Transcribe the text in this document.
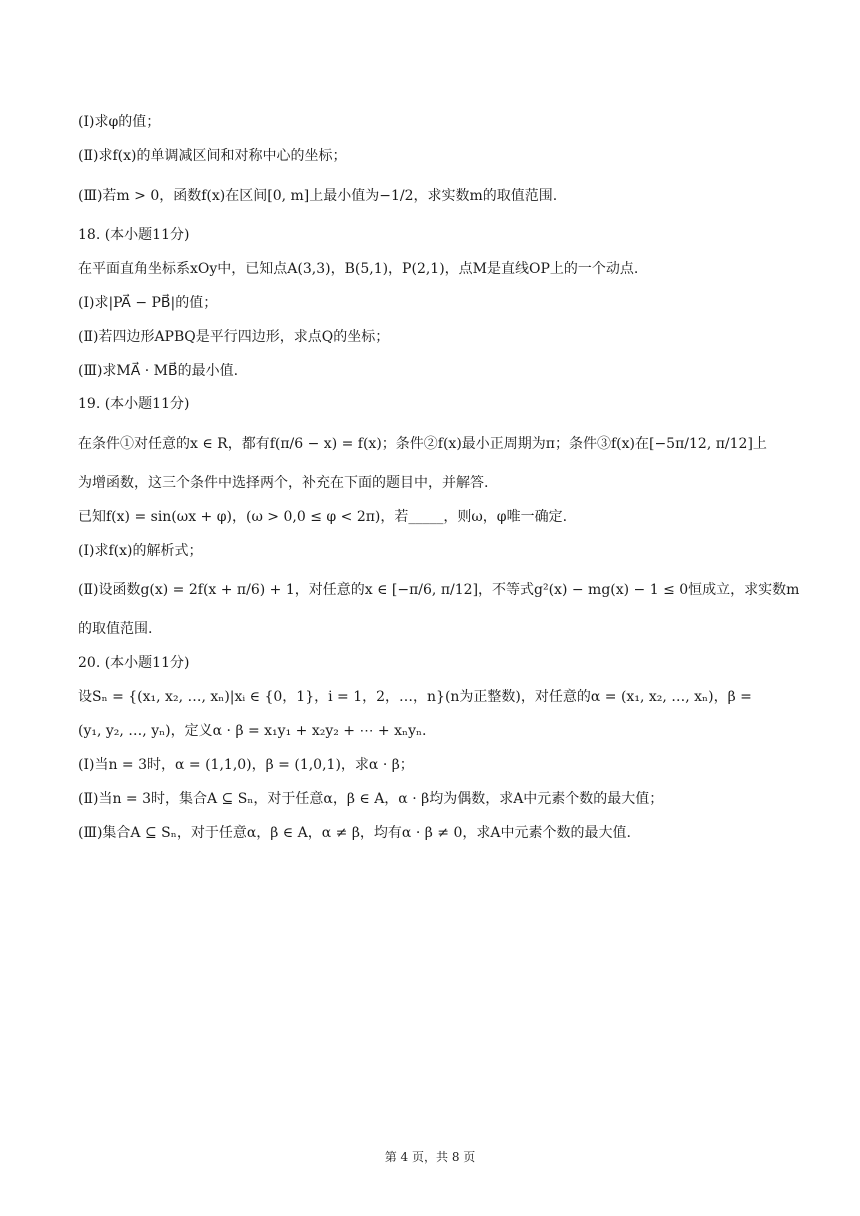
(Ⅰ)求φ的值；
(Ⅱ)求f(x)的单调减区间和对称中心的坐标；
(Ⅲ)若m > 0，函数f(x)在区间[0, m]上最小值为−1/2，求实数m的取值范围.
18. (本小题11分)
在平面直角坐标系xOy中，已知点A(3,3)，B(5,1)，P(2,1)，点M是直线OP上的一个动点.
(Ⅰ)求|PA⃗ − PB⃗|的值；
(Ⅱ)若四边形APBQ是平行四边形，求点Q的坐标；
(Ⅲ)求MA⃗ · MB⃗的最小值.
19. (本小题11分)
在条件①对任意的x ∈ R，都有f(π/6 − x) = f(x)；条件②f(x)最小正周期为π；条件③f(x)在[−5π/12, π/12]上
为增函数，这三个条件中选择两个，补充在下面的题目中，并解答.
已知f(x) = sin(ωx + φ)，(ω > 0,0 ≤ φ < 2π)，若_____，则ω，φ唯一确定.
(Ⅰ)求f(x)的解析式；
(Ⅱ)设函数g(x) = 2f(x + π/6) + 1，对任意的x ∈ [−π/6, π/12]，不等式g²(x) − mg(x) − 1 ≤ 0恒成立，求实数m
的取值范围.
20. (本小题11分)
设Sₙ = {(x₁, x₂, …, xₙ)|xᵢ ∈ {0，1}，i = 1，2，…，n}(n为正整数)，对任意的α = (x₁, x₂, …, xₙ)，β =
(y₁, y₂, …, yₙ)，定义α · β = x₁y₁ + x₂y₂ + ⋯ + xₙyₙ.
(Ⅰ)当n = 3时，α = (1,1,0)，β = (1,0,1)，求α · β；
(Ⅱ)当n = 3时，集合A ⊆ Sₙ，对于任意α，β ∈ A，α · β均为偶数，求A中元素个数的最大值；
(Ⅲ)集合A ⊆ Sₙ，对于任意α，β ∈ A，α ≠ β，均有α · β ≠ 0，求A中元素个数的最大值.
第 4 页，共 8 页
